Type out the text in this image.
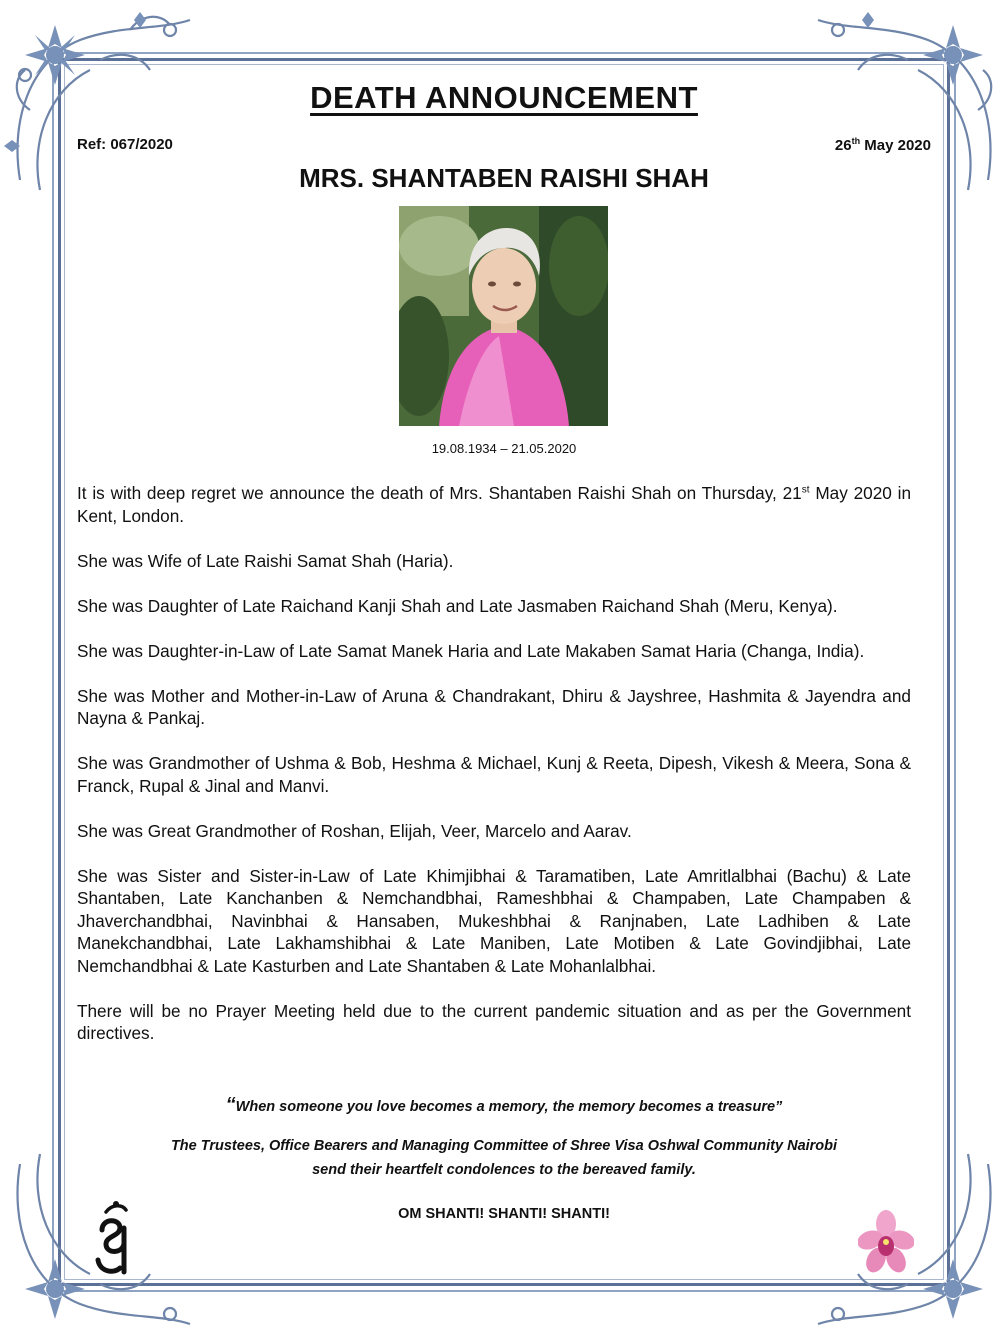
DEATH ANNOUNCEMENT
Ref: 067/2020	26th May 2020
MRS. SHANTABEN RAISHI SHAH
19.08.1934 – 21.05.2020

It is with deep regret we announce the death of Mrs. Shantaben Raishi Shah on Thursday, 21st May 2020 in Kent, London.

She was Wife of Late Raishi Samat Shah (Haria).

She was Daughter of Late Raichand Kanji Shah and Late Jasmaben Raichand Shah (Meru, Kenya).

She was Daughter-in-Law of Late Samat Manek Haria and Late Makaben Samat Haria (Changa, India).

She was Mother and Mother-in-Law of Aruna & Chandrakant, Dhiru & Jayshree, Hashmita & Jayendra and Nayna & Pankaj.

She was Grandmother of Ushma & Bob, Heshma & Michael, Kunj & Reeta, Dipesh, Vikesh & Meera, Sona & Franck, Rupal & Jinal and Manvi.

She was Great Grandmother of Roshan, Elijah, Veer, Marcelo and Aarav.

She was Sister and Sister-in-Law of Late Khimjibhai & Taramatiben, Late Amritlalbhai (Bachu) & Late Shantaben, Late Kanchanben & Nemchandbhai, Rameshbhai & Champaben, Late Champaben & Jhaverchandbhai, Navinbhai & Hansaben, Mukeshbhai & Ranjnaben, Late Ladhiben & Late Manekchandbhai, Late Lakhamshibhai & Late Maniben, Late Motiben & Late Govindjibhai, Late Nemchandbhai & Late Kasturben and Late Shantaben & Late Mohanlalbhai.

There will be no Prayer Meeting held due to the current pandemic situation and as per the Government directives.

“When someone you love becomes a memory, the memory becomes a treasure”
The Trustees, Office Bearers and Managing Committee of Shree Visa Oshwal Community Nairobi
send their heartfelt condolences to the bereaved family.
OM SHANTI! SHANTI! SHANTI!
